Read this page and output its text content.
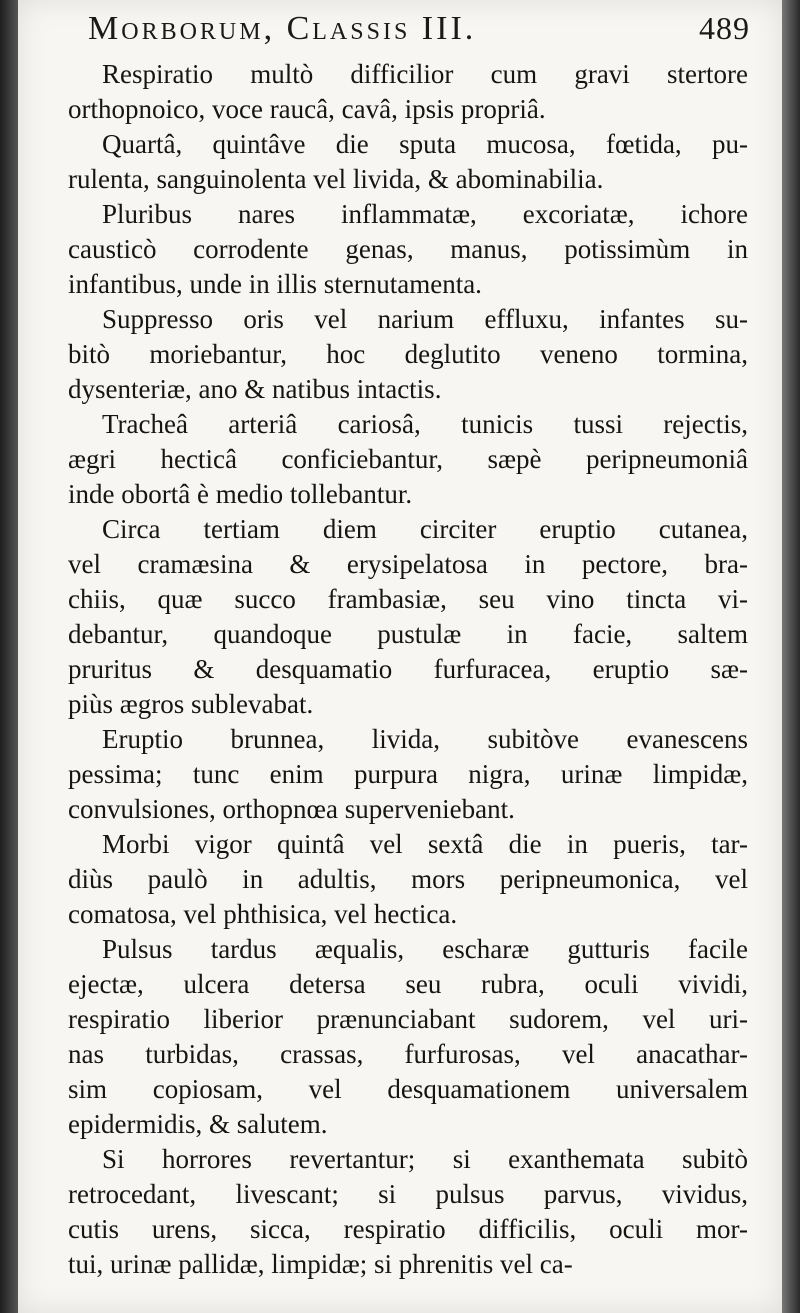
Morborum, Classis III.	489
Respiratio multò difficilior cum gravi stertore
orthopnoico, voce raucâ, cavâ, ipsis propriâ.
Quartâ, quintâve die sputa mucosa, fœtida, pu-
rulenta, sanguinolenta vel livida, & abominabilia.
Pluribus nares inflammatæ, excoriatæ, ichore
causticò corrodente genas, manus, potissimùm in
infantibus, unde in illis sternutamenta.
Suppresso oris vel narium effluxu, infantes su-
bitò moriebantur, hoc deglutito veneno tormina,
dysenteriæ, ano & natibus intactis.
Tracheâ arteriâ cariosâ, tunicis tussi rejectis,
ægri hecticâ conficiebantur, sæpè peripneumoniâ
inde obortâ è medio tollebantur.
Circa tertiam diem circiter eruptio cutanea,
vel cramæsina & erysipelatosa in pectore, bra-
chiis, quæ succo frambasiæ, seu vino tincta vi-
debantur, quandoque pustulæ in facie, saltem
pruritus & desquamatio furfuracea, eruptio sæ-
piùs ægros sublevabat.
Eruptio brunnea, livida, subitòve evanescens
pessima; tunc enim purpura nigra, urinæ limpidæ,
convulsiones, orthopnœa superveniebant.
Morbi vigor quintâ vel sextâ die in pueris, tar-
diùs paulò in adultis, mors peripneumonica, vel
comatosa, vel phthisica, vel hectica.
Pulsus tardus æqualis, escharæ gutturis facile
ejectæ, ulcera detersa seu rubra, oculi vividi,
respiratio liberior prænunciabant sudorem, vel uri-
nas turbidas, crassas, furfurosas, vel anacathar-
sim copiosam, vel desquamationem universalem
epidermidis, & salutem.
Si horrores revertantur; si exanthemata subitò
retrocedant, livescant; si pulsus parvus, vividus,
cutis urens, sicca, respiratio difficilis, oculi mor-
tui, urinæ pallidæ, limpidæ; si phrenitis vel ca-
